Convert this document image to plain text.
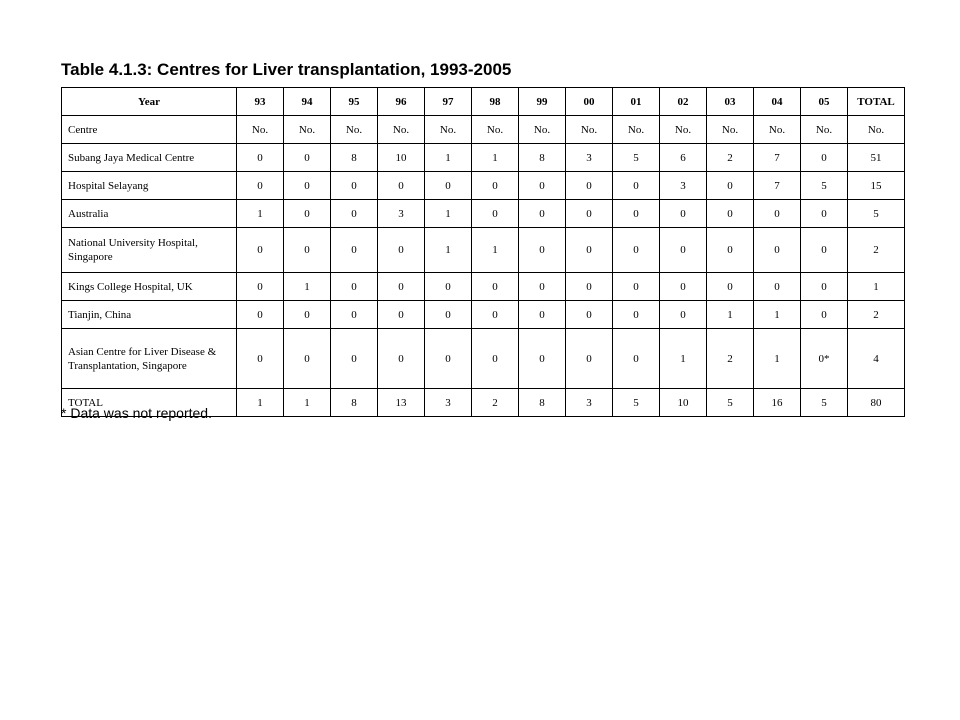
Table 4.1.3: Centres for Liver transplantation, 1993-2005
Year	93	94	95	96	97	98	99	00	01	02	03	04	05	TOTAL
Centre	No.	No.	No.	No.	No.	No.	No.	No.	No.	No.	No.	No.	No.	No.
Subang Jaya Medical Centre	0	0	8	10	1	1	8	3	5	6	2	7	0	51
Hospital Selayang	0	0	0	0	0	0	0	0	0	3	0	7	5	15
Australia	1	0	0	3	1	0	0	0	0	0	0	0	0	5
National University Hospital, Singapore	0	0	0	0	1	1	0	0	0	0	0	0	0	2
Kings College Hospital, UK	0	1	0	0	0	0	0	0	0	0	0	0	0	1
Tianjin, China	0	0	0	0	0	0	0	0	0	0	1	1	0	2
Asian Centre for Liver Disease & Transplantation, Singapore	0	0	0	0	0	0	0	0	0	1	2	1	0*	4
TOTAL	1	1	8	13	3	2	8	3	5	10	5	16	5	80
* Data was not reported.
